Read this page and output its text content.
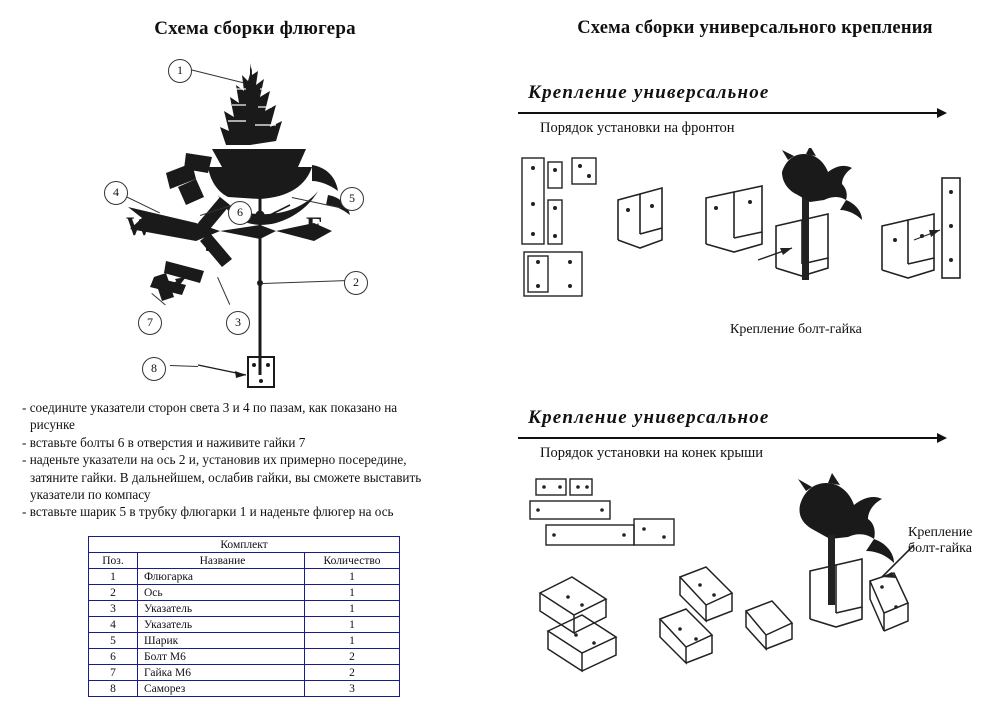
Схема сборки флюгера
W	E
1
2
3
4	5
6
7
8
- соединuте указатели сторон света 3 и 4 по пазам, как показано на
рисунке
- вставьте болты 6 в отверстия и наживите гайки 7
- наденьте указатели на ось 2 и, установив их примерно посередине,
затяните гайки. В дальнейшем, ослабив гайки, вы сможете выставить
указатели по компасу
- вставьте шарик 5 в трубку флюгарки 1 и наденьте флюгер на ось
Комплект		
Поз.	Название	Количество
1	Флюгарка	1
2	Ось	1
3	Указатель	1
4	Указатель	1
5	Шарик	1
6	Болт М6	2
7	Гайка М6	2
8	Саморез	3
Схема сборки универсального крепления
Крепление универсальное
Порядок установки на фронтон
Крепление болт-гайка
Крепление универсальное
Порядок установки на конек крыши
Крепление
болт-гайка
